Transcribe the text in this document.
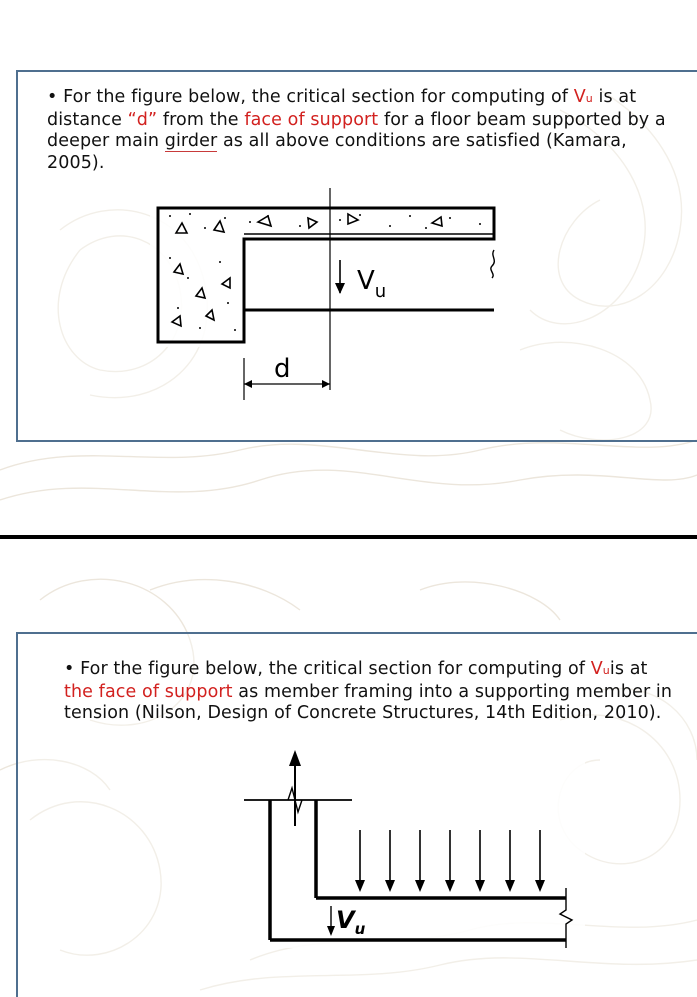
• For the figure below, the critical section for computing of Vu is at distance “d” from the face of support for a floor beam supported by a deeper main girder as all above conditions are satisfied (Kamara, 2005).
$V_u$
d
• For the figure below, the critical section for computing of Vuis at the face of support as member framing into a supporting member in tension (Nilson, Design of Concrete Structures, 14th Edition, 2010).
$V_u$
